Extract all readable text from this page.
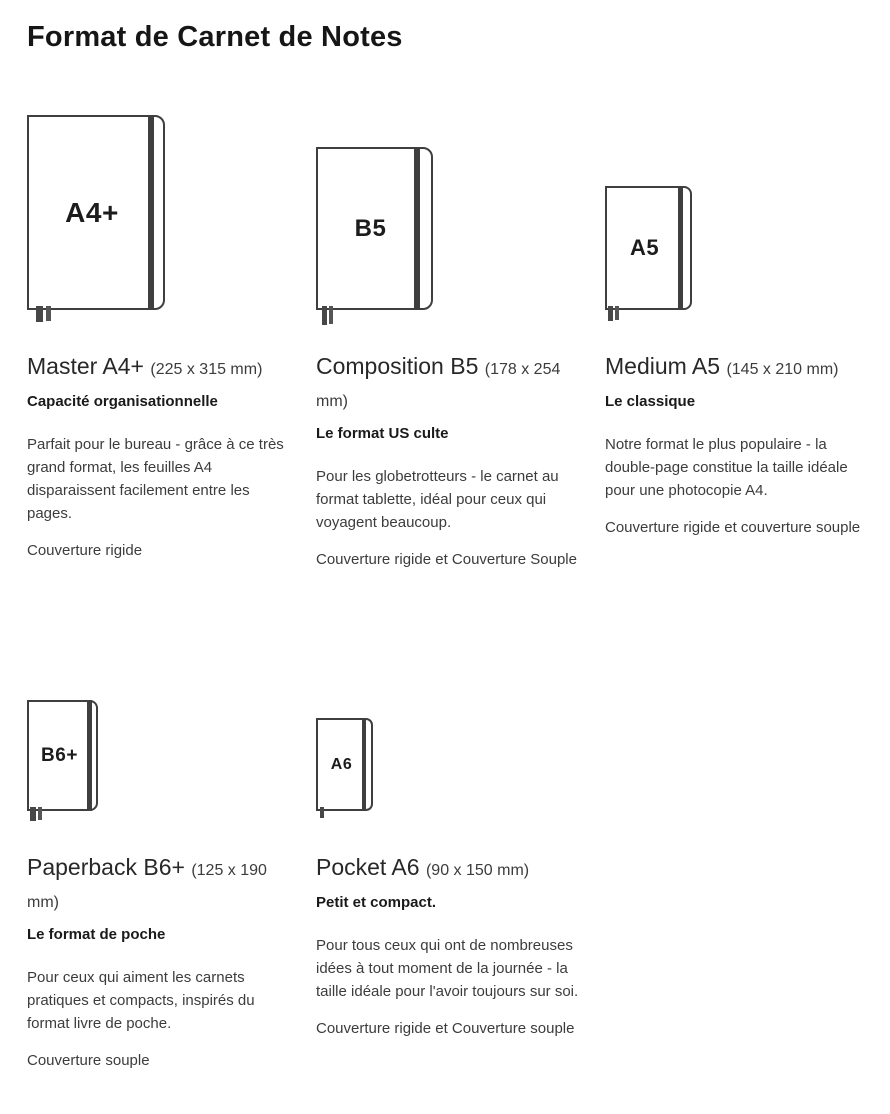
Format de Carnet de Notes
A4+
Master A4+ (225 x 315 mm)
Capacité organisationnelle
Parfait pour le bureau - grâce à ce très grand format, les feuilles A4 disparaissent facilement entre les pages.
Couverture rigide
B5
Composition B5 (178 x 254 mm)
Le format US culte
Pour les globetrotteurs - le carnet au format tablette, idéal pour ceux qui voyagent beaucoup.
Couverture rigide et Couverture Souple
A5
Medium A5 (145 x 210 mm)
Le classique
Notre format le plus populaire - la double-page constitue la taille idéale pour une photocopie A4.
Couverture rigide et couverture souple
B6+
Paperback B6+ (125 x 190 mm)
Le format de poche
Pour ceux qui aiment les carnets pratiques et compacts, inspirés du format livre de poche.
Couverture souple
A6
Pocket A6 (90 x 150 mm)
Petit et compact.
Pour tous ceux qui ont de nombreuses idées à tout moment de la journée - la taille idéale pour l'avoir toujours sur soi.
Couverture rigide et Couverture souple
